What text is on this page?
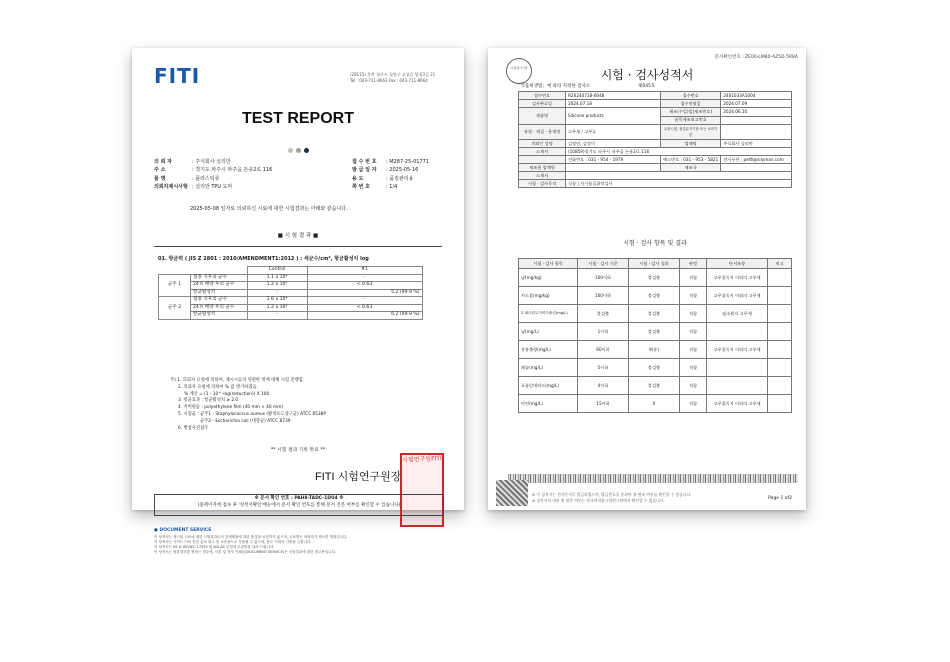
FITI	(28115) 충북 청주시 청원구 오창읍 양청3길 21
Tel : 043-711-8663 Fax : 043-711-8664
TEST REPORT
의 뢰 자	: 주식회사 실리만
주 소	: 경기도 파주시 파주읍 돈유2로 116
품 명	: 플라스틱류
의뢰자제시사항 : 실리만 TPU 도마
접 수 번 호 : M287-25-01771
발 급 일 자 : 2025-05-16
용 도	: 품질관리용
쪽 번 호	: 1/4
2025-05-08 일자로 의뢰하신 시료에 대한 시험결과는 아래와 같습니다.
■ 시 험 결 과 ■
01. 항균력 ( JIS Z 2801 : 2010/AMENDMENT1:2012 ) : 세균수/cm², 항균활성치 log
		Control	#1
균주 1	접종 직후의 균수	1.1 x 10⁴	-
	24 h 배양 후의 균수	1.2 x 10⁵	< 0.63
	항균활성치	-	5.2 (99.9 %)
균주 2	접종 직후의 균수	1.6 x 10⁴	-
	24 h 배양 후의 균수	1.2 x 10⁵	< 0.63
	항균활성치	-	6.2 (99.9 %)
주) 1. 의뢰자 요청에 의하여, 제시시료의 뒤편한 면에 대해 시험 진행함.
2. 의뢰자 요청에 의하여 % 값 병기하였음.
% 계산 = (1 - 10^-log(reduction)) X 100
3. 항균효과 : 항균활성치 ≥ 2.0
4. 커버필름 : polyethylene film (40 mm × 40 mm)
5. 시험균 : 균주1 - Staphylococcus aureus (황색포도상구균) ATCC 6538P
균주2 - Escherichia coli (대장균) ATCC 8739
6. 별첨사진참조
** 시험 결과 기록 완료 **
FITI 시험연구원장
시험연구원FITI
※ 문서 확인 번호 : PAH8-TADC-1DU4 ※
(홈페이지에 접속 후 '성적서확인'메뉴에서 문서 확인 번호를 통해 문서 진본 여부를 확인할 수 있습니다)
● DOCUMENT SERVICE
이 성적서는 제시된 시료에 대한 시험결과로서 전체제품에 대한 품질을 보증하지 않으며, 시료명은 의뢰자가 제시한 명칭입니다.
이 성적서는 사이트 이외 선전 홍보 광고 및 소송용으로 사용될 수 없으며, 용도 이외의 사용을 금합니다.
이 성적서는 KS Q ISO/IEC 17025 및 KOLAS 인정과 무관함을 알려 드립니다.
이 성적서는 원본대조를 원하는 경우에, 사본 및 전자 인쇄본(DOCUMENT SERVICE)은 시험결과에 대한 참고용입니다.
문서확인번호 : ZE00-LM80-AZ5D-5R8A
시험검사기관	시험 · 검사성적서
「식품위생법」에 따라 지정한 검사소	제045호
접수번호	R20240718-0048	접수번호	2401033A1004
검사완료일	2024.07.18	접수연월일	2024.07.09
제품명	Silicone products	제조(수입)일(제조번호)	2024.06.10
		품목제조보고번호	
유형 · 재질 · 용제명	고무제 / 고무류	유형시험, 품질유지기한 또는 소비기한	
의뢰인 성명	김영민, 김상미	업체명	주식회사 실리만
소재지	(10859)경기도 파주시 파주읍 돈유2로 116		
	전화번호 : 031 - 954 - 1979	팩스번호 : 031 - 953 - 5821	전자우편 : pet6@silyman.com
제조원 업체명		제조국	
소재지			
시험 · 검사목적	식품 | 자가품질위탁검사		
시험 · 검사 항목 및 결과
시험 · 검사 항목	시험 · 검사 기준	시험 · 검사 결과	판정	단서조항	비고
납(mg/kg)	100이하	불검출	적합	고무젖꼭지 이외의 고무제	
카드뮴(mg/kg)	100이하	불검출	적합	고무젖꼭지 이외의 고무제	
2-메르캅토이미다졸린(mg/L)	불검출	불검출	적합	염소원자 고무제	
납(mg/L)	1이하	불검출	적합		
총용출량(mg/L)	60이하	9(유)	적합	고무젖꼭지 이외의 고무제	
페놀(mg/L)	5이하	불검출	적합		
포름알데히드(mg/L)	4이하	불검출	적합		
아연(mg/L)	15이하	0	적합	고무젖꼭지 이외의 고무제	
※ 이 성적서는 전자문서로 발급되었으며, 발급번호를 통하여 위·변조 여부를 확인할 수 있습니다.
※ 성적서의 내용 및 원본 여부는 한국의약품시험연구원에서 확인할 수 있습니다.	Page 1 of2
